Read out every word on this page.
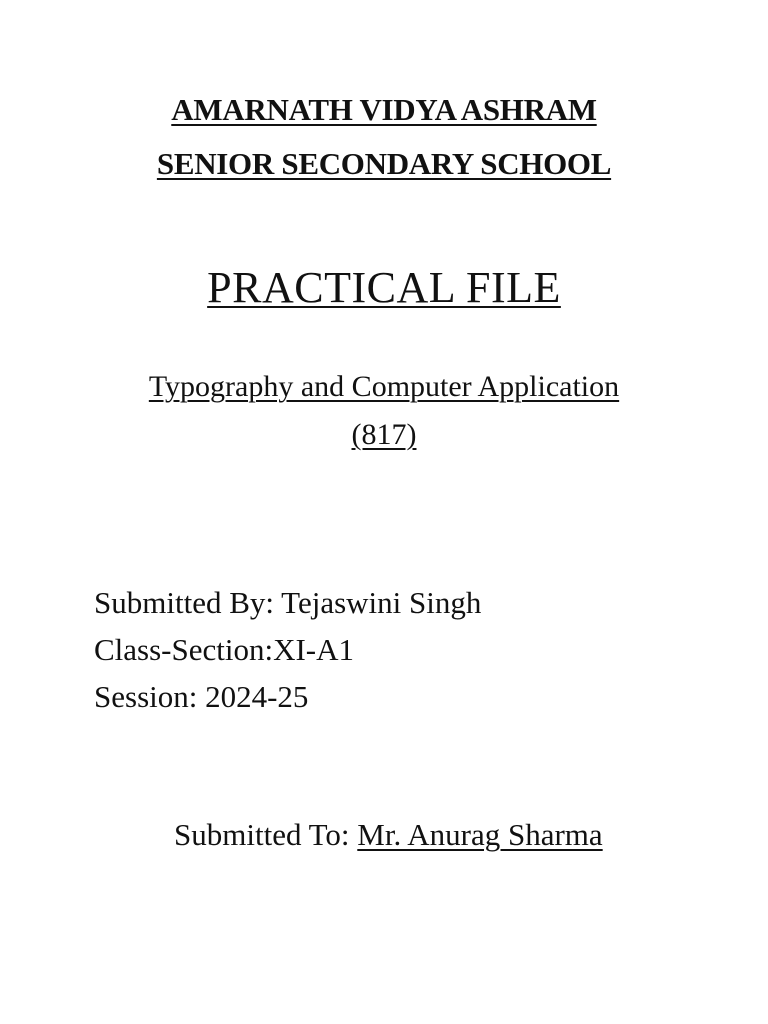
AMARNATH VIDYA ASHRAM
SENIOR SECONDARY SCHOOL
PRACTICAL FILE
Typography and Computer Application
(817)
Submitted By: Tejaswini Singh
Class-Section:XI-A1
Session: 2024-25
Submitted To: Mr. Anurag Sharma
